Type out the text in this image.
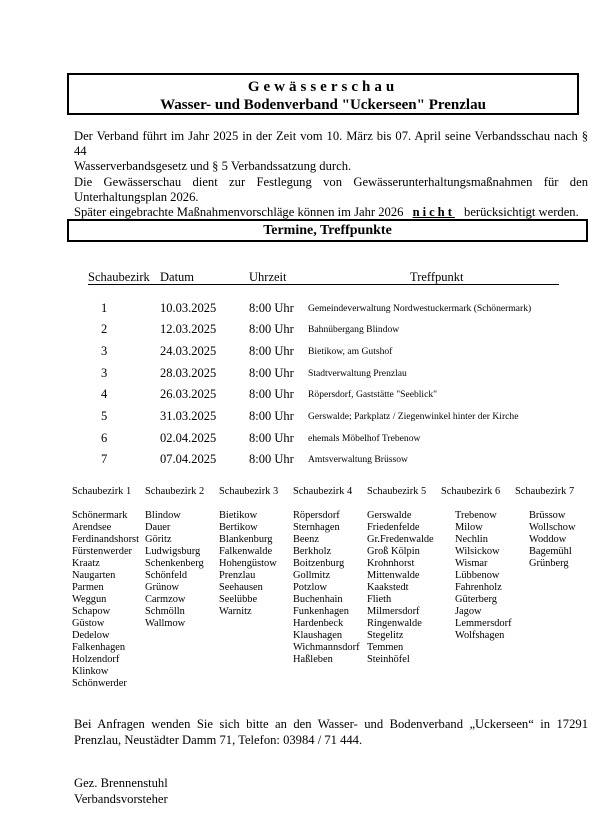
Gewässerschau
Wasser- und Bodenverband "Uckerseen" Prenzlau

Der Verband führt im Jahr 2025 in der Zeit vom 10. März bis 07. April seine Verbandsschau nach § 44

Wasserverbandsgesetz und § 5 Verbandssatzung durch.

Die Gewässerschau dient zur Festlegung von Gewässerunterhaltungsmaßnahmen für den

Unterhaltungsplan 2026.

Später eingebrachte Maßnahmenvorschläge können im Jahr 2026 nicht berücksichtigt werden.

Termine, Treffpunkte
Schaubezirk Datum	Uhrzeit	Treffpunkt
1	10.03.2025	8:00 Uhr Gemeindeverwaltung Nordwestuckermark (Schönermark)
2	12.03.2025	8:00 Uhr Bahnübergang Blindow
3	24.03.2025	8:00 Uhr Bietikow, am Gutshof
3	28.03.2025	8:00 Uhr Stadtverwaltung Prenzlau
4	26.03.2025	8:00 Uhr Röpersdorf, Gaststätte "Seeblick"
5	31.03.2025	8:00 Uhr Gerswalde; Parkplatz / Ziegenwinkel hinter der Kirche
6	02.04.2025	8:00 Uhr ehemals Möbelhof Trebenow
7	07.04.2025	8:00 Uhr Amtsverwaltung Brüssow
Schaubezirk 1
Schönermark
Arendsee
Ferdinandshorst
Fürstenwerder
Kraatz
Naugarten
Parmen
Weggun
Schapow
Güstow
Dedelow
Falkenhagen
Holzendorf
Klinkow
Schönwerder
Schaubezirk 2
Blindow
Dauer
Göritz
Ludwigsburg
Schenkenberg
Schönfeld
Grünow
Carmzow
Schmölln
Wallmow
Schaubezirk 3
Bietikow
Bertikow
Blankenburg
Falkenwalde
Hohengüstow
Prenzlau
Seehausen
Seelübbe
Warnitz
Schaubezirk 4
Röpersdorf
Sternhagen
Beenz
Berkholz
Boitzenburg
Gollmitz
Potzlow
Buchenhain
Funkenhagen
Hardenbeck
Klaushagen
Wichmannsdorf
Haßleben
Schaubezirk 5
Gerswalde
Friedenfelde
Gr.Fredenwalde
Groß Kölpin
Krohnhorst
Mittenwalde
Kaakstedt
Flieth
Milmersdorf
Ringenwalde
Stegelitz
Temmen
Steinhöfel
Schaubezirk 6
Trebenow
Milow
Nechlin
Wilsickow
Wismar
Lübbenow
Fahrenholz
Güterberg
Jagow
Lemmersdorf
Wolfshagen
Schaubezirk 7
Brüssow
Wollschow
Woddow
Bagemühl
Grünberg

Bei Anfragen wenden Sie sich bitte an den Wasser- und Bodenverband „Uckerseen“ in 17291 Prenzlau, Neustädter Damm 71, Telefon: 03984 / 71 444.

Gez. Brennenstuhl
Verbandsvorsteher
